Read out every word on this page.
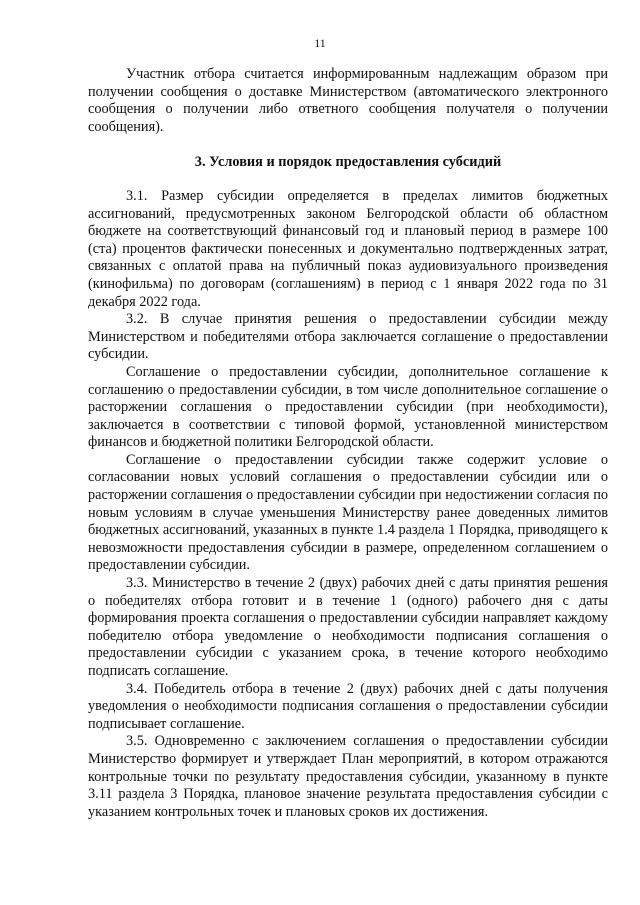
11

Участник отбора считается информированным надлежащим образом при получении сообщения о доставке Министерством (автоматического электронного сообщения о получении либо ответного сообщения получателя о получении сообщения).

3. Условия и порядок предоставления субсидий

3.1. Размер субсидии определяется в пределах лимитов бюджетных ассигнований, предусмотренных законом Белгородской области об областном бюджете на соответствующий финансовый год и плановый период в размере 100 (ста) процентов фактически понесенных и документально подтвержденных затрат, связанных с оплатой права на публичный показ аудиовизуального произведения (кинофильма) по договорам (соглашениям) в период с 1 января 2022 года по 31 декабря 2022 года.

3.2. В случае принятия решения о предоставлении субсидии между Министерством и победителями отбора заключается соглашение о предоставлении субсидии.

Соглашение о предоставлении субсидии, дополнительное соглашение к соглашению о предоставлении субсидии, в том числе дополнительное соглашение о расторжении соглашения о предоставлении субсидии (при необходимости), заключается в соответствии с типовой формой, установленной министерством финансов и бюджетной политики Белгородской области.

Соглашение о предоставлении субсидии также содержит условие о согласовании новых условий соглашения о предоставлении субсидии или о расторжении соглашения о предоставлении субсидии при недостижении согласия по новым условиям в случае уменьшения Министерству ранее доведенных лимитов бюджетных ассигнований, указанных в пункте 1.4 раздела 1 Порядка, приводящего к невозможности предоставления субсидии в размере, определенном соглашением о предоставлении субсидии.

3.3. Министерство в течение 2 (двух) рабочих дней с даты принятия решения о победителях отбора готовит и в течение 1 (одного) рабочего дня с даты формирования проекта соглашения о предоставлении субсидии направляет каждому победителю отбора уведомление о необходимости подписания соглашения о предоставлении субсидии с указанием срока, в течение которого необходимо подписать соглашение.

3.4. Победитель отбора в течение 2 (двух) рабочих дней с даты получения уведомления о необходимости подписания соглашения о предоставлении субсидии подписывает соглашение.

3.5. Одновременно с заключением соглашения о предоставлении субсидии Министерство формирует и утверждает План мероприятий, в котором отражаются контрольные точки по результату предоставления субсидии, указанному в пункте 3.11 раздела 3 Порядка, плановое значение результата предоставления субсидии с указанием контрольных точек и плановых сроков их достижения.
